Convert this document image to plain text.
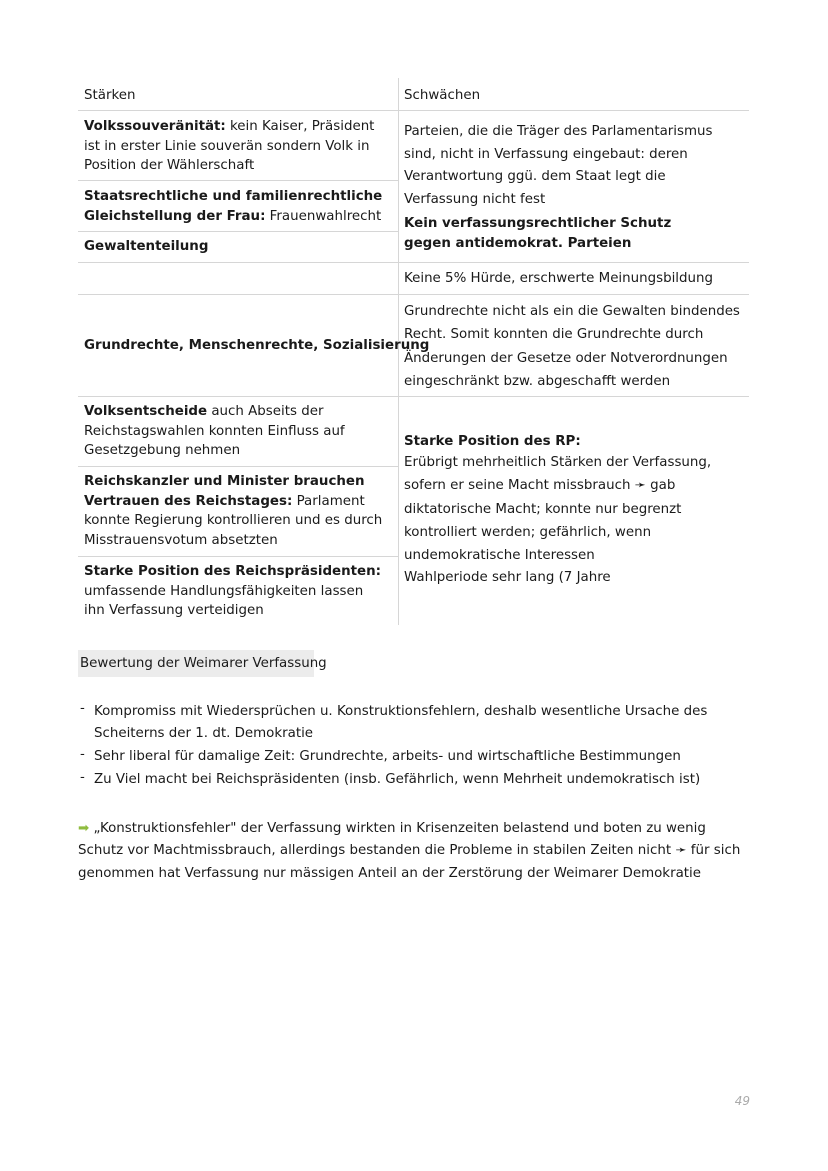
Stärken	Schwächen
Volkssouveränität: kein Kaiser, Präsident ist in erster Linie souverän sondern Volk in Position der Wählerschaft
Staatsrechtliche und familienrechtliche Gleichstellung der Frau: Frauenwahlrecht
Gewaltenteilung
Grundrechte, Menschenrechte, Sozialisierung
Volksentscheide auch Abseits der Reichstagswahlen konnten Einfluss auf Gesetzgebung nehmen
Reichskanzler und Minister brauchen Vertrauen des Reichstages: Parlament konnte Regierung kontrollieren und es durch Misstrauensvotum absetzten
Starke Position des Reichspräsidenten: umfassende Handlungsfähigkeiten lassen ihn Verfassung verteidigen
Parteien, die die Träger des Parlamentarismus sind, nicht in Verfassung eingebaut: deren Verantwortung ggü. dem Staat legt die Verfassung nicht fest
Kein verfassungsrechtlicher Schutz gegen antidemokrat. Parteien
Keine 5% Hürde, erschwerte Meinungsbildung
Grundrechte nicht als ein die Gewalten bindendes Recht. Somit konnten die Grundrechte durch Änderungen der Gesetze oder Notverordnungen eingeschränkt bzw. abgeschafft werden
Starke Position des RP:
Erübrigt mehrheitlich Stärken der Verfassung, sofern er seine Macht missbrauch ➛ gab diktatorische Macht; konnte nur begrenzt kontrolliert werden; gefährlich, wenn undemokratische Interessen
Wahlperiode sehr lang (7 Jahre
Bewertung der Weimarer Verfassung
- Kompromiss mit Wiedersprüchen u. Konstruktionsfehlern, deshalb wesentliche Ursache des Scheiterns der 1. dt. Demokratie
- Sehr liberal für damalige Zeit: Grundrechte, arbeits- und wirtschaftliche Bestimmungen
- Zu Viel macht bei Reichspräsidenten (insb. Gefährlich, wenn Mehrheit undemokratisch ist)
➡ „Konstruktionsfehler" der Verfassung wirkten in Krisenzeiten belastend und boten zu wenig Schutz vor Machtmissbrauch, allerdings bestanden die Probleme in stabilen Zeiten nicht ➛ für sich genommen hat Verfassung nur mässigen Anteil an der Zerstörung der Weimarer Demokratie
49
